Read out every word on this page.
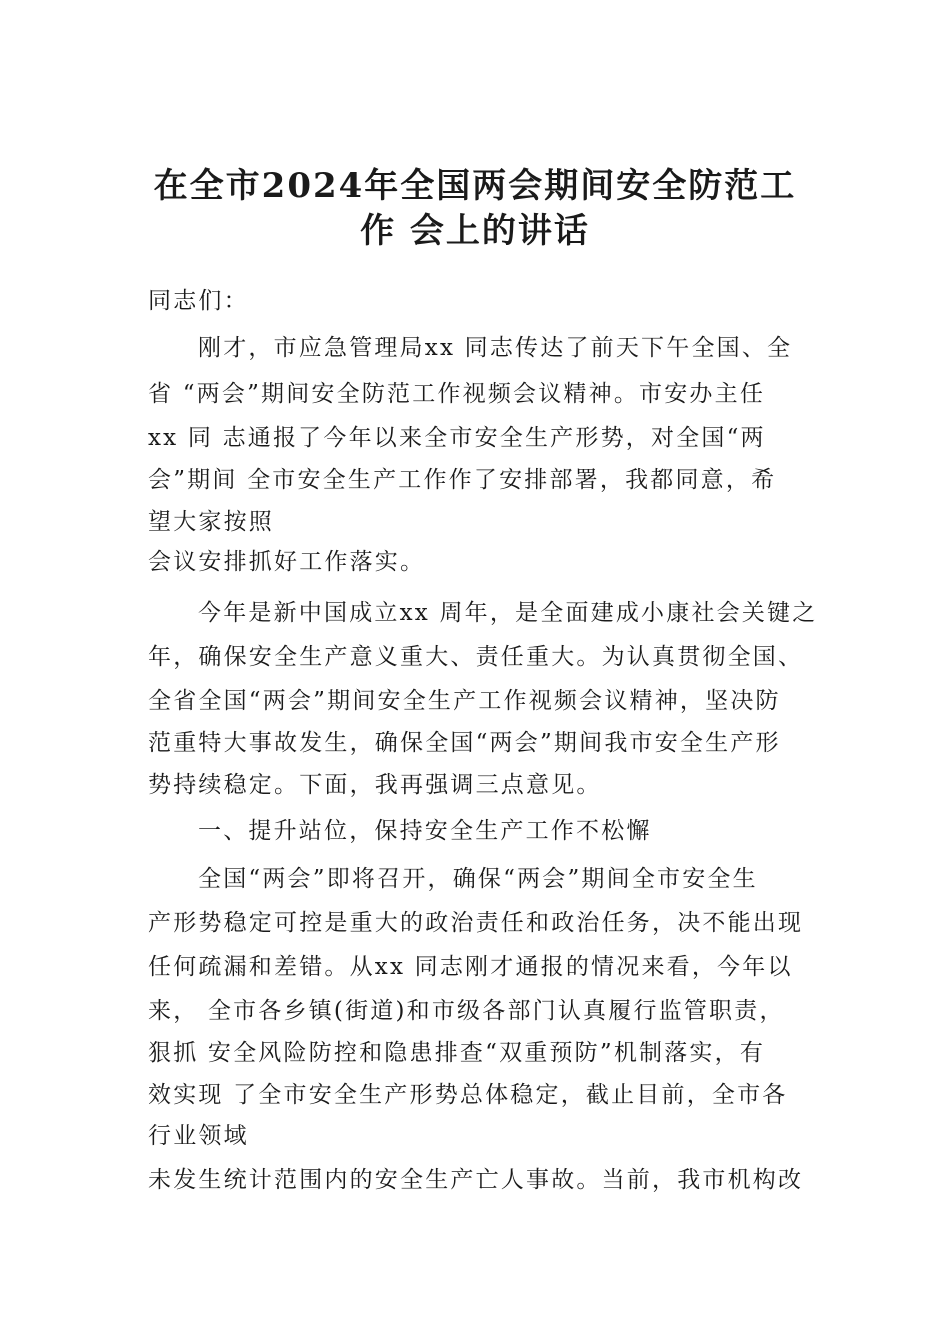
在全市2024年全国两会期间安全防范工
作 会上的讲话
同志们：
刚才，市应急管理局xx 同志传达了前天下午全国、全
省 “两会”期间安全防范工作视频会议精神。市安办主任
xx 同 志通报了今年以来全市安全生产形势，对全国“两
会”期间 全市安全生产工作作了安排部署，我都同意，希
望大家按照
会议安排抓好工作落实。
今年是新中国成立xx 周年，是全面建成小康社会关键之
年，确保安全生产意义重大、责任重大。为认真贯彻全国、
全省全国“两会”期间安全生产工作视频会议精神，坚决防
范重特大事故发生，确保全国“两会”期间我市安全生产形
势持续稳定。下面，我再强调三点意见。
一、提升站位，保持安全生产工作不松懈
全国“两会”即将召开，确保“两会”期间全市安全生
产形势稳定可控是重大的政治责任和政治任务，决不能出现
任何疏漏和差错。从xx 同志刚才通报的情况来看，今年以
来， 全市各乡镇(街道)和市级各部门认真履行监管职责，
狠抓 安全风险防控和隐患排查“双重预防”机制落实，有
效实现 了全市安全生产形势总体稳定，截止目前，全市各
行业领域
未发生统计范围内的安全生产亡人事故。当前，我市机构改
